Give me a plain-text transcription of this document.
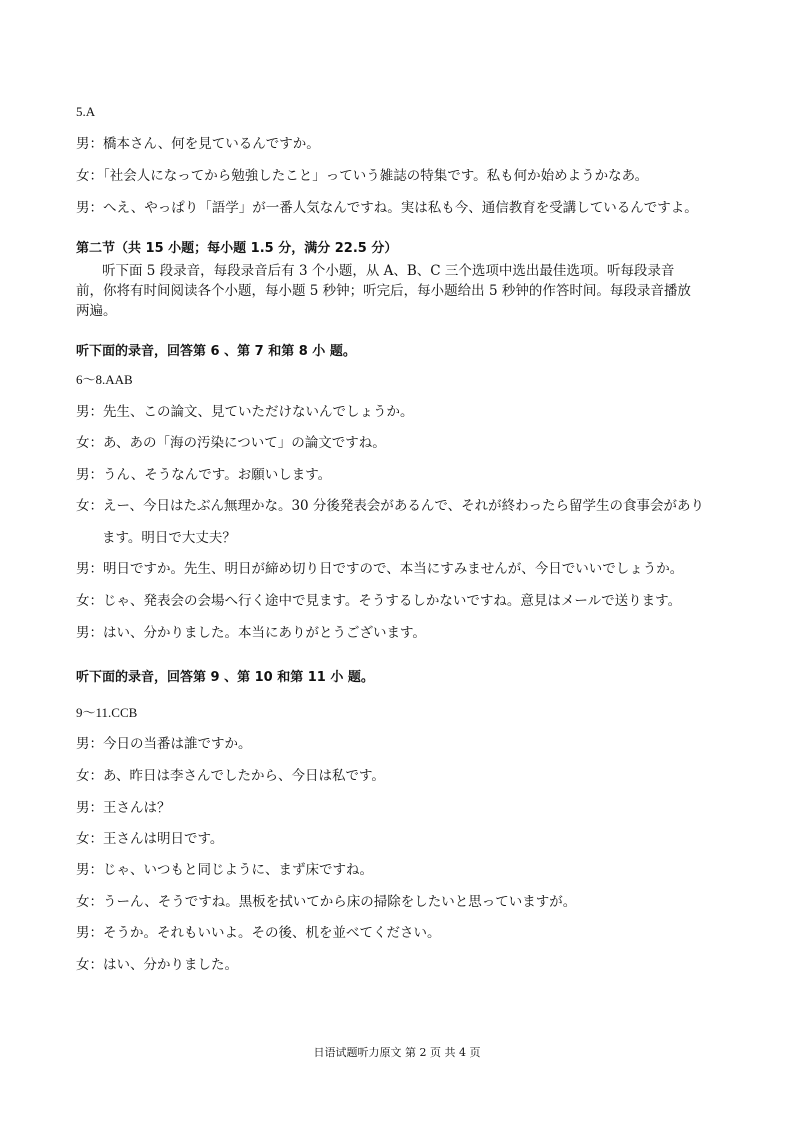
5.A
男：橋本さん、何を見ているんですか。
女：「社会人になってから勉強したこと」っていう雑誌の特集です。私も何か始めようかなあ。
男：へえ、やっぱり「語学」が一番人気なんですね。実は私も今、通信教育を受講しているんですよ。
第二节（共 15 小题；每小题 1.5 分，满分 22.5 分）
听下面 5 段录音，每段录音后有 3 个小题，从 A、B、C 三个选项中选出最佳选项。听每段录音
前，你将有时间阅读各个小题，每小题 5 秒钟；听完后，每小题给出 5 秒钟的作答时间。每段录音播放
两遍。
听下面的录音，回答第 6 、第 7 和第 8 小 题。
6～8.AAB
男：先生、この論文、見ていただけないんでしょうか。
女：あ、あの「海の汚染について」の論文ですね。
男：うん、そうなんです。お願いします。
女：えー、今日はたぶん無理かな。30 分後発表会があるんで、それが終わったら留学生の食事会があり
ます。明日で大丈夫？
男：明日ですか。先生、明日が締め切り日ですので、本当にすみませんが、今日でいいでしょうか。
女：じゃ、発表会の会場へ行く途中で見ます。そうするしかないですね。意見はメールで送ります。
男：はい、分かりました。本当にありがとうございます。
听下面的录音，回答第 9 、第 10 和第 11 小 题。
9～11.CCB
男：今日の当番は誰ですか。
女：あ、昨日は李さんでしたから、今日は私です。
男：王さんは？
女：王さんは明日です。
男：じゃ、いつもと同じように、まず床ですね。
女：うーん、そうですね。黒板を拭いてから床の掃除をしたいと思っていますが。
男：そうか。それもいいよ。その後、机を並べてください。
女：はい、分かりました。
日语试题听力原文 第 2 页 共 4 页
